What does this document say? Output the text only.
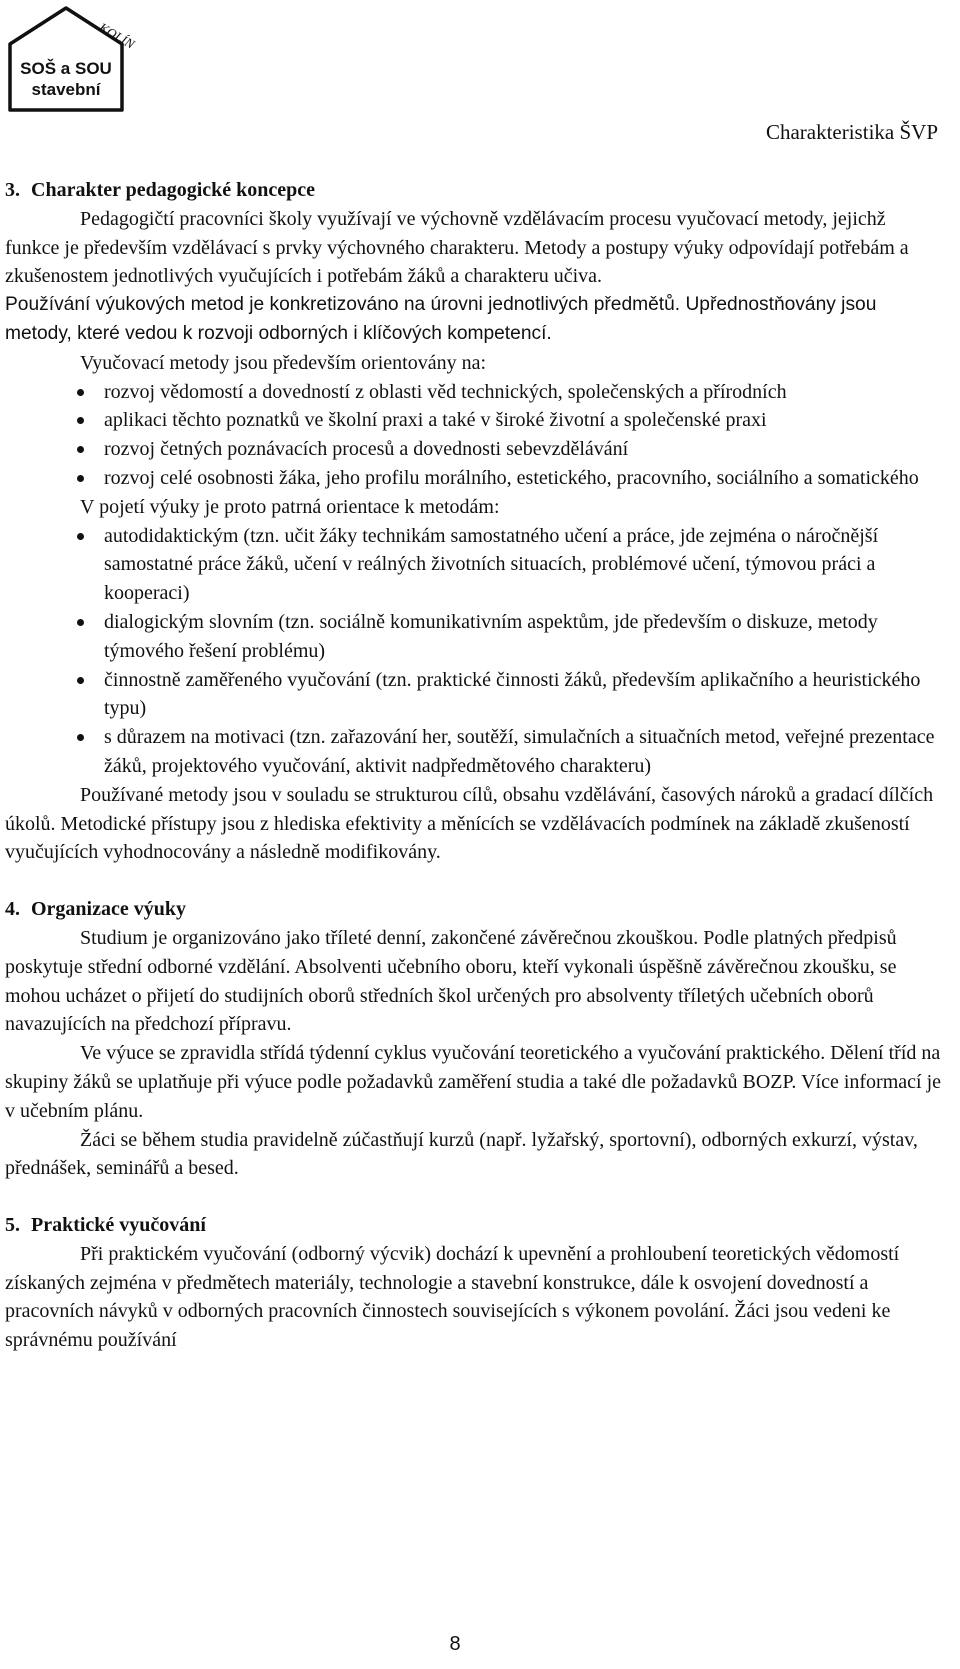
KOLÍN
SOŠ a SOU
stavební
Charakteristika ŠVP

3. Charakter pedagogické koncepce

Pedagogičtí pracovníci školy využívají ve výchovně vzdělávacím procesu vyučovací metody, jejichž funkce je především vzdělávací s prvky výchovného charakteru. Metody a postupy výuky odpovídají potřebám a zkušenostem jednotlivých vyučujících i potřebám žáků a charakteru učiva.

Používání výukových metod je konkretizováno na úrovni jednotlivých předmětů. Upřednostňovány jsou metody, které vedou k rozvoji odborných i klíčových kompetencí.

Vyučovací metody jsou především orientovány na:

rozvoj vědomostí a dovedností z oblasti věd technických, společenských a přírodních
aplikaci těchto poznatků ve školní praxi a také v široké životní a společenské praxi
rozvoj četných poznávacích procesů a dovednosti sebevzdělávání
rozvoj celé osobnosti žáka, jeho profilu morálního, estetického, pracovního, sociálního a somatického

V pojetí výuky je proto patrná orientace k metodám:

autodidaktickým (tzn. učit žáky technikám samostatného učení a práce, jde zejména o náročnější samostatné práce žáků, učení v reálných životních situacích, problémové učení, týmovou práci a kooperaci)
dialogickým slovním (tzn. sociálně komunikativním aspektům, jde především o diskuze, metody týmového řešení problému)
činnostně zaměřeného vyučování (tzn. praktické činnosti žáků, především aplikačního a heuristického typu)
s důrazem na motivaci (tzn. zařazování her, soutěží, simulačních a situačních metod, veřejné prezentace žáků, projektového vyučování, aktivit nadpředmětového charakteru)

Používané metody jsou v souladu se strukturou cílů, obsahu vzdělávání, časových nároků a gradací dílčích úkolů. Metodické přístupy jsou z hlediska efektivity a měnících se vzdělávacích podmínek na základě zkušeností vyučujících vyhodnocovány a následně modifikovány.

4. Organizace výuky

Studium je organizováno jako tříleté denní, zakončené závěrečnou zkouškou. Podle platných předpisů poskytuje střední odborné vzdělání. Absolventi učebního oboru, kteří vykonali úspěšně závěrečnou zkoušku, se mohou ucházet o přijetí do studijních oborů středních škol určených pro absolventy tříletých učebních oborů navazujících na předchozí přípravu.

Ve výuce se zpravidla střídá týdenní cyklus vyučování teoretického a vyučování praktického. Dělení tříd na skupiny žáků se uplatňuje při výuce podle požadavků zaměření studia a také dle požadavků BOZP. Více informací je v učebním plánu.

Žáci se během studia pravidelně zúčastňují kurzů (např. lyžařský, sportovní), odborných exkurzí, výstav, přednášek, seminářů a besed.

5. Praktické vyučování

Při praktickém vyučování (odborný výcvik) dochází k upevnění a prohloubení teoretických vědomostí získaných zejména v předmětech materiály, technologie a stavební konstrukce, dále k osvojení dovedností a pracovních návyků v odborných pracovních činnostech souvisejících s výkonem povolání. Žáci jsou vedeni ke správnému používání

8
